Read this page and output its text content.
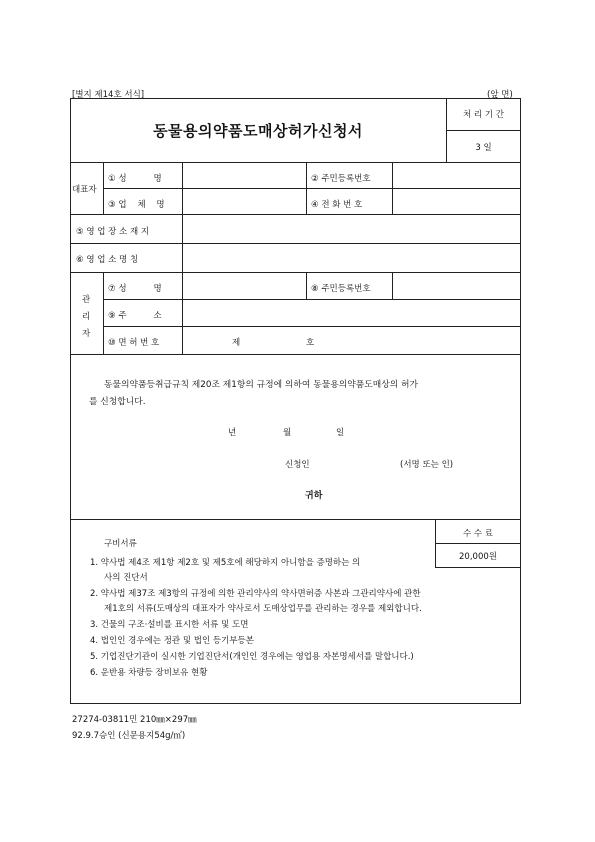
[별지 제14호 서식]	(앞 면)
동물용의약품도매상허가신청서
처 리 기 간
3 일
대표자
① 성          명	② 주민등록번호
③ 업    체    명	④ 전 화 번 호
⑤ 영 업 장 소 재 지
⑥ 영 업 소 명 칭
관
리
자
⑦ 성          명	⑧ 주민등록번호
⑨ 주          소
⑩ 면 허 번 호	제	호
동물의약품등취급규칙 제20조 제1항의 규정에 의하여 동물용의약품도매상의 허가
를 신청합니다.
년	월	일
신청인	(서명 또는 인)
귀하
수 수 료
20,000원
구비서류
1. 약사법 제4조 제1항 제2호 및 제5호에 해당하지 아니함을 증명하는 의
사의 진단서
2. 약사법 제37조 제3항의 규정에 의한 관리약사의 약사면허증 사본과 그관리약사에 관한
제1호의 서류(도매상의 대표자가 약사로서 도매상업무를 관리하는 경우를 제외합니다.
3. 건물의 구조·설비를 표시한 서류 및 도면
4. 법인인 경우에는 정관 및 법인 등기부등본
5. 기업진단기관이 실시한 기업진단서(개인인 경우에는 영업용 자본명세서를 말합니다.)
6. 운반용 차량등 장비보유 현황
27274-03811민 210㎜×297㎜
92.9.7승인 (신문용지54g/㎡)
